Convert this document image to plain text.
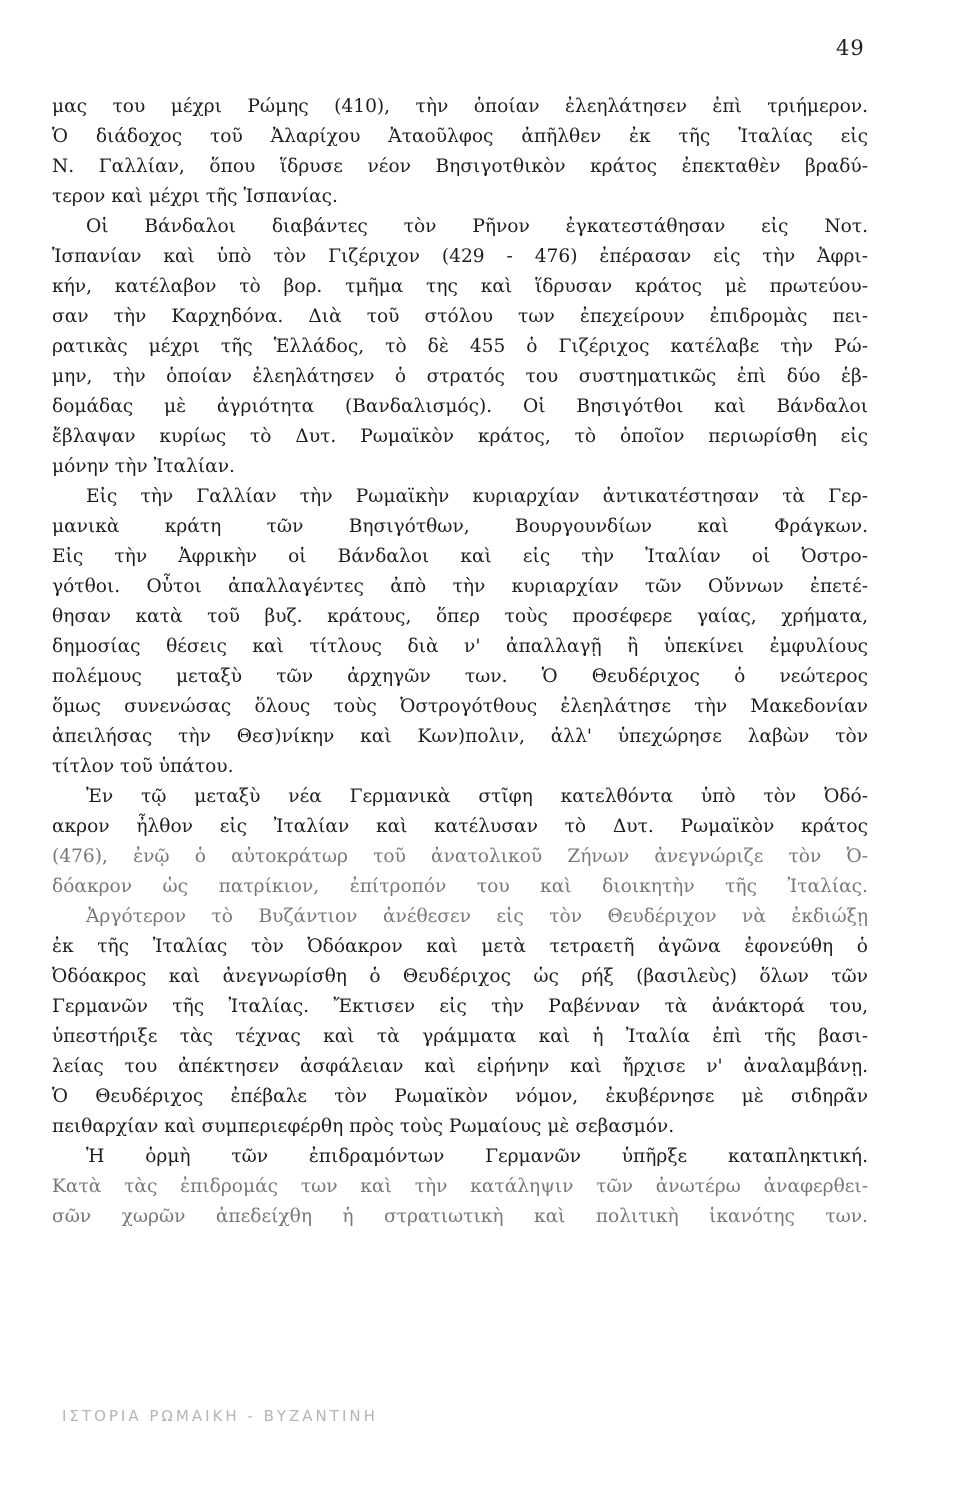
49
μας του μέχρι Ρώμης (410), τὴν ὁποίαν ἐλεηλάτησεν ἐπὶ τριήμερον.
Ὁ διάδοχος τοῦ Ἀλαρίχου Ἀταοῦλφος ἀπῆλθεν ἐκ τῆς Ἰταλίας εἰς
Ν. Γαλλίαν, ὅπου ἵδρυσε νέον Βησιγοτθικὸν κράτος ἐπεκταθὲν βραδύ-
τερον καὶ μέχρι τῆς Ἱσπανίας.
Οἱ Βάνδαλοι διαβάντες τὸν Ρῆνον ἐγκατεστάθησαν εἰς Νοτ.
Ἱσπανίαν καὶ ὑπὸ τὸν Γιζέριχον (429 - 476) ἐπέρασαν εἰς τὴν Ἀφρι-
κήν, κατέλαβον τὸ βορ. τμῆμα της καὶ ἵδρυσαν κράτος μὲ πρωτεύου-
σαν τὴν Καρχηδόνα. Διὰ τοῦ στόλου των ἐπεχείρουν ἐπιδρομὰς πει-
ρατικὰς μέχρι τῆς Ἑλλάδος, τὸ δὲ 455 ὁ Γιζέριχος κατέλαβε τὴν Ρώ-
μην, τὴν ὁποίαν ἐλεηλάτησεν ὁ στρατός του συστηματικῶς ἐπὶ δύο ἑβ-
δομάδας μὲ ἀγριότητα (Βανδαλισμός). Οἱ Βησιγότθοι καὶ Βάνδαλοι
ἔβλαψαν κυρίως τὸ Δυτ. Ρωμαϊκὸν κράτος, τὸ ὁποῖον περιωρίσθη εἰς
μόνην τὴν Ἰταλίαν.
Εἰς τὴν Γαλλίαν τὴν Ρωμαϊκὴν κυριαρχίαν ἀντικατέστησαν τὰ Γερ-
μανικὰ κράτη τῶν Βησιγότθων, Βουργουνδίων καὶ Φράγκων.
Εἰς τὴν Ἀφρικὴν οἱ Βάνδαλοι καὶ εἰς τὴν Ἰταλίαν οἱ Ὀστρο-
γότθοι. Οὗτοι ἀπαλλαγέντες ἀπὸ τὴν κυριαρχίαν τῶν Οὔννων ἐπετέ-
θησαν κατὰ τοῦ βυζ. κράτους, ὅπερ τοὺς προσέφερε γαίας, χρήματα,
δημοσίας θέσεις καὶ τίτλους διὰ ν' ἀπαλλαγῇ ἢ ὑπεκίνει ἐμφυλίους
πολέμους μεταξὺ τῶν ἀρχηγῶν των. Ὁ Θευδέριχος ὁ νεώτερος
ὅμως συνενώσας ὅλους τοὺς Ὀστρογότθους ἐλεηλάτησε τὴν Μακεδονίαν
ἀπειλήσας τὴν Θεσ)νίκην καὶ Κων)πολιν, ἀλλ' ὑπεχώρησε λαβὼν τὸν
τίτλον τοῦ ὑπάτου.
Ἐν τῷ μεταξὺ νέα Γερμανικὰ στῖφη κατελθόντα ὑπὸ τὸν Ὀδό-
ακρον ἦλθον εἰς Ἰταλίαν καὶ κατέλυσαν τὸ Δυτ. Ρωμαϊκὸν κράτος
(476), ἐνῷ ὁ αὐτοκράτωρ τοῦ ἀνατολικοῦ Ζήνων ἀνεγνώριζε τὸν Ὀ-
δόακρον ὡς πατρίκιον, ἐπίτροπόν του καὶ διοικητὴν τῆς Ἰταλίας.
Ἀργότερον τὸ Βυζάντιον ἀνέθεσεν εἰς τὸν Θευδέριχον νὰ ἐκδιώξῃ
ἐκ τῆς Ἰταλίας τὸν Ὀδόακρον καὶ μετὰ τετραετῆ ἀγῶνα ἐφονεύθη ὁ
Ὀδόακρος καὶ ἀνεγνωρίσθη ὁ Θευδέριχος ὡς ρήξ (βασιλεὺς) ὅλων τῶν
Γερμανῶν τῆς Ἰταλίας. Ἔκτισεν εἰς τὴν Ραβένναν τὰ ἀνάκτορά του,
ὑπεστήριξε τὰς τέχνας καὶ τὰ γράμματα καὶ ἡ Ἰταλία ἐπὶ τῆς βασι-
λείας του ἀπέκτησεν ἀσφάλειαν καὶ εἰρήνην καὶ ἤρχισε ν' ἀναλαμβάνῃ.
Ὁ Θευδέριχος ἐπέβαλε τὸν Ρωμαϊκὸν νόμον, ἐκυβέρνησε μὲ σιδηρᾶν
πειθαρχίαν καὶ συμπεριεφέρθη πρὸς τοὺς Ρωμαίους μὲ σεβασμόν.
Ἡ ὁρμὴ τῶν ἐπιδραμόντων Γερμανῶν ὑπῆρξε καταπληκτική.
Κατὰ τὰς ἐπιδρομάς των καὶ τὴν κατάληψιν τῶν ἀνωτέρω ἀναφερθει-
σῶν χωρῶν ἀπεδείχθη ἡ στρατιωτικὴ καὶ πολιτικὴ ἱκανότης των.
ΙΣΤΟΡΙΑ ΡΩΜΑΙΚΗ - ΒΥΖΑΝΤΙΝΗ
